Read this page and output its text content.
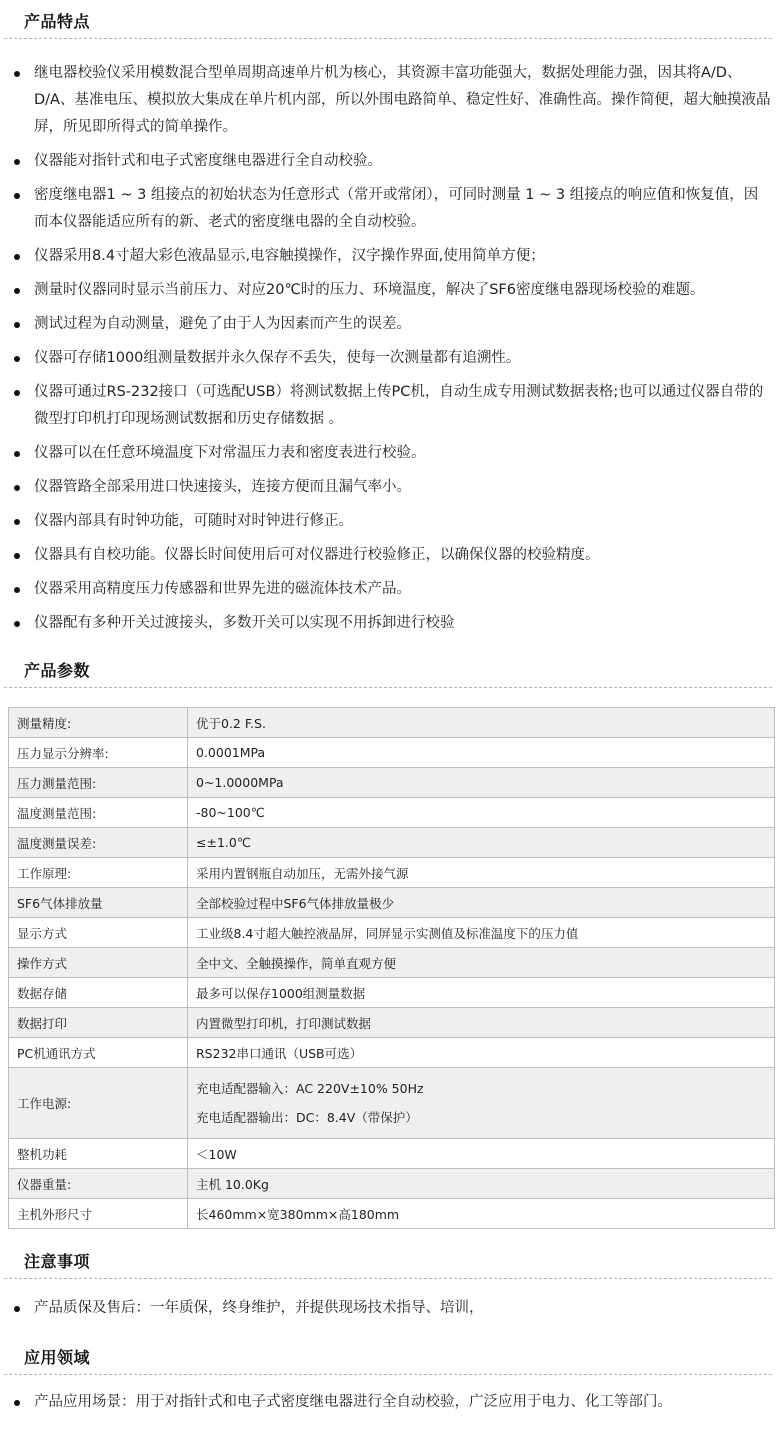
产品特点
继电器校验仪采用模数混合型单周期高速单片机为核心，其资源丰富功能强大，数据处理能力强，因其将A/D、D/A、基准电压、模拟放大集成在单片机内部，所以外围电路简单、稳定性好、准确性高。操作简便，超大触摸液晶屏，所见即所得式的简单操作。
仪器能对指针式和电子式密度继电器进行全自动校验。
密度继电器1 ~ 3 组接点的初始状态为任意形式（常开或常闭），可同时测量 1 ~ 3 组接点的响应值和恢复值，因而本仪器能适应所有的新、老式的密度继电器的全自动校验。
仪器采用8.4寸超大彩色液晶显示,电容触摸操作，汉字操作界面,使用简单方便；
测量时仪器同时显示当前压力、对应20℃时的压力、环境温度，解决了SF6密度继电器现场校验的难题。
测试过程为自动测量，避免了由于人为因素而产生的误差。
仪器可存储1000组测量数据并永久保存不丢失，使每一次测量都有追溯性。
仪器可通过RS-232接口（可选配USB）将测试数据上传PC机，自动生成专用测试数据表格;也可以通过仪器自带的微型打印机打印现场测试数据和历史存储数据 。
仪器可以在任意环境温度下对常温压力表和密度表进行校验。
仪器管路全部采用进口快速接头，连接方便而且漏气率小。
仪器内部具有时钟功能，可随时对时钟进行修正。
仪器具有自校功能。仪器长时间使用后可对仪器进行校验修正，以确保仪器的校验精度。
仪器采用高精度压力传感器和世界先进的磁流体技术产品。
仪器配有多种开关过渡接头，多数开关可以实现不用拆卸进行校验
产品参数
测量精度:	优于0.2 F.S.

压力显示分辨率:	0.0001MPa

压力测量范围:	0~1.0000MPa

温度测量范围:	-80~100℃

温度测量误差:	≤±1.0℃

工作原理:	采用内置钢瓶自动加压，无需外接气源

SF6气体排放量	全部校验过程中SF6气体排放量极少

显示方式	工业级8.4寸超大触控液晶屏，同屏显示实测值及标准温度下的压力值

操作方式	全中文、全触摸操作，简单直观方便

数据存储	最多可以保存1000组测量数据

数据打印	内置微型打印机，打印测试数据

PC机通讯方式	RS232串口通讯（USB可选）

工作电源:	充电适配器输入：AC 220V±10% 50Hz
充电适配器输出：DC：8.4V（带保护）

整机功耗	＜10W

仪器重量:	主机 10.0Kg

主机外形尺寸	长460mm×宽380mm×高180mm
注意事项
产品质保及售后：一年质保，终身维护，并提供现场技术指导、培训，
应用领域
产品应用场景：用于对指针式和电子式密度继电器进行全自动校验，广泛应用于电力、化工等部门。
